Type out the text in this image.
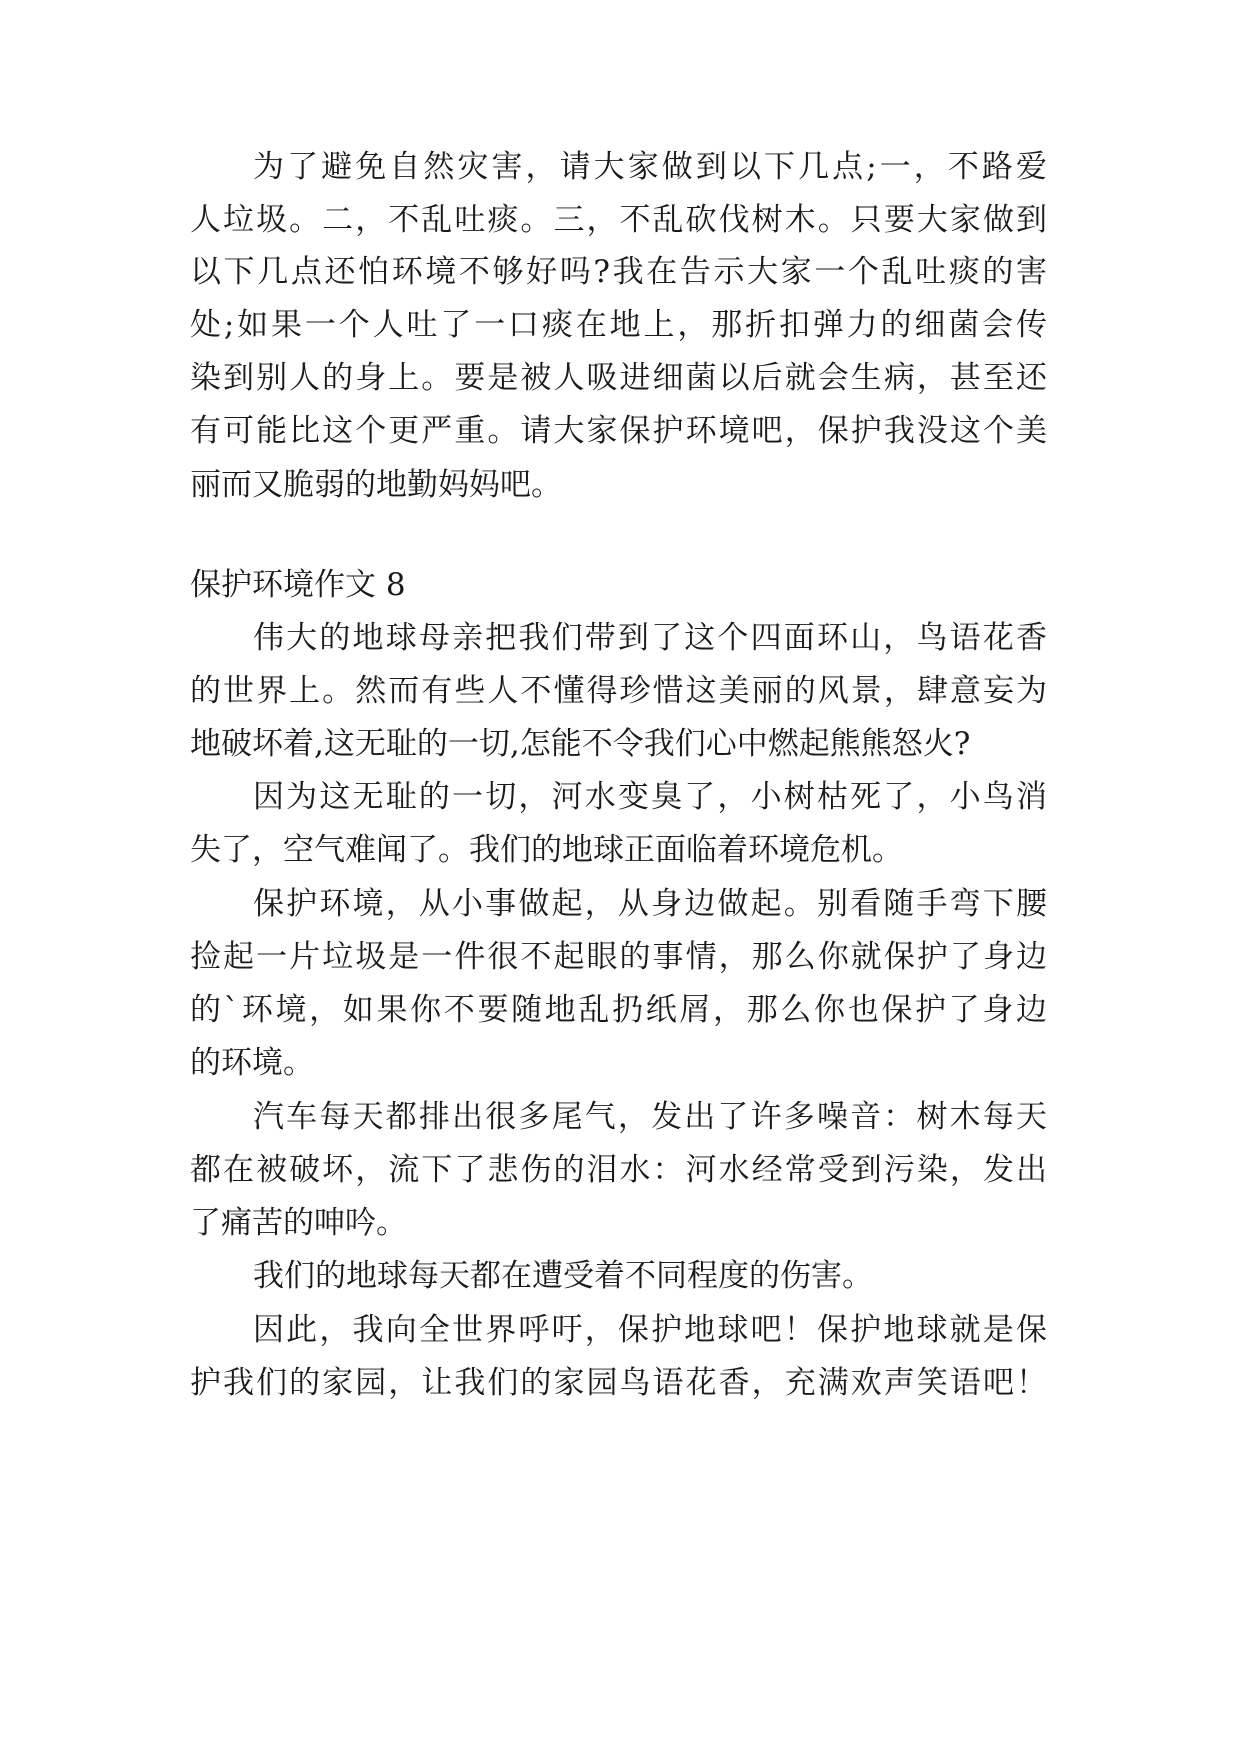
为了避免自然灾害，请大家做到以下几点;一，不路爱
人垃圾。二，不乱吐痰。三，不乱砍伐树木。只要大家做到
以下几点还怕环境不够好吗?我在告示大家一个乱吐痰的害
处;如果一个人吐了一口痰在地上，那折扣弹力的细菌会传
染到别人的身上。要是被人吸进细菌以后就会生病，甚至还
有可能比这个更严重。请大家保护环境吧，保护我没这个美
丽而又脆弱的地勤妈妈吧。
保护环境作文 8
伟大的地球母亲把我们带到了这个四面环山，鸟语花香
的世界上。然而有些人不懂得珍惜这美丽的风景，肆意妄为
地破坏着,这无耻的一切,怎能不令我们心中燃起熊熊怒火?
因为这无耻的一切，河水变臭了，小树枯死了，小鸟消
失了，空气难闻了。我们的地球正面临着环境危机。
保护环境，从小事做起，从身边做起。别看随手弯下腰
捡起一片垃圾是一件很不起眼的事情，那么你就保护了身边
的`环境，如果你不要随地乱扔纸屑，那么你也保护了身边
的环境。
汽车每天都排出很多尾气，发出了许多噪音：树木每天
都在被破坏，流下了悲伤的泪水：河水经常受到污染，发出
了痛苦的呻吟。
我们的地球每天都在遭受着不同程度的伤害。
因此，我向全世界呼吁，保护地球吧！保护地球就是保
护我们的家园，让我们的家园鸟语花香，充满欢声笑语吧！
